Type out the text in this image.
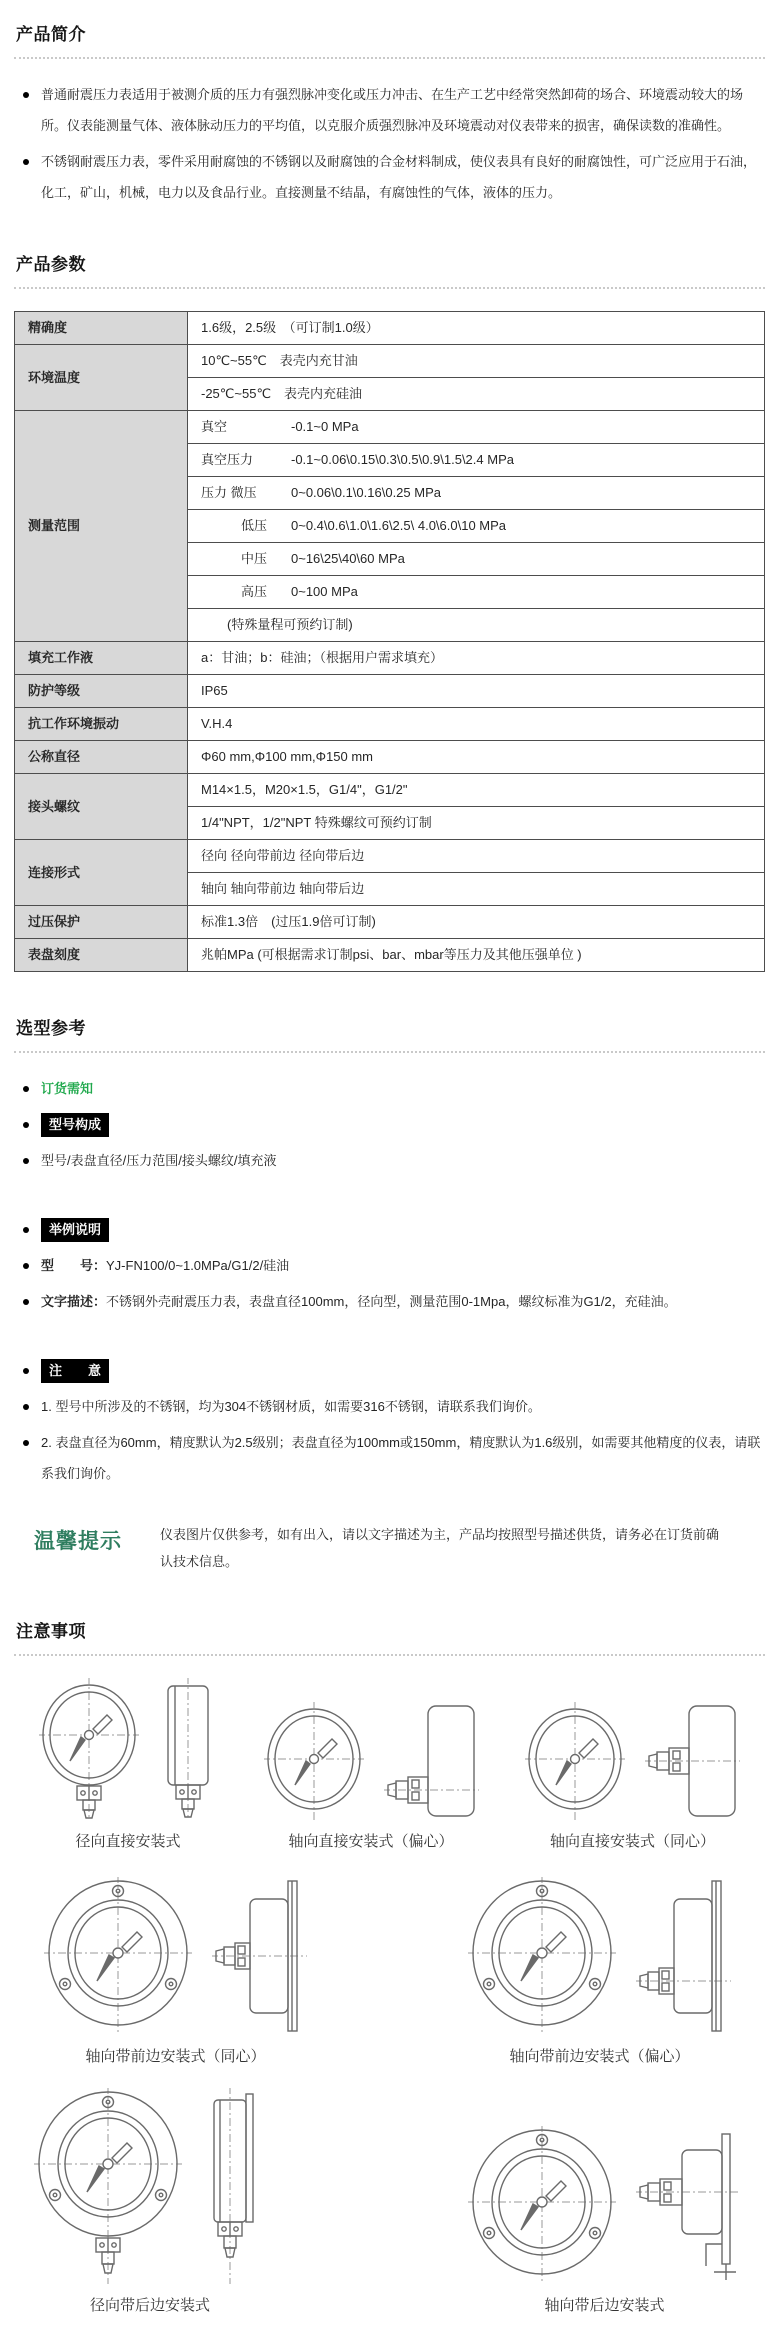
产品简介
普通耐震压力表适用于被测介质的压力有强烈脉冲变化或压力冲击、在生产工艺中经常突然卸荷的场合、环境震动较大的场所。仪表能测量气体、液体脉动压力的平均值，以克服介质强烈脉冲及环境震动对仪表带来的损害，确保读数的准确性。
不锈钢耐震压力表，零件采用耐腐蚀的不锈钢以及耐腐蚀的合金材料制成，使仪表具有良好的耐腐蚀性，可广泛应用于石油，化工，矿山，机械，电力以及食品行业。直接测量不结晶，有腐蚀性的气体，液体的压力。
产品参数
精确度	1.6级，2.5级　（可订制1.0级）
环境温度	10℃~55℃　表壳内充甘油
	-25℃~55℃　表壳内充硅油
测量范围	真空 -0.1~0 MPa
	真空压力 -0.1~0.06\0.15\0.3\0.5\0.9\1.5\2.4 MPa
	压力 微压 0~0.06\0.1\0.16\0.25 MPa
	低压 0~0.4\0.6\1.0\1.6\2.5\ 4.0\6.0\10 MPa
	中压 0~16\25\40\60 MPa
	高压 0~100 MPa
	(特殊量程可预约订制)
填充工作液	a：甘油；b：硅油；（根据用户需求填充）
防护等级	IP65
抗工作环境振动	V.H.4
公称直径	Φ60 mm,Φ100 mm,Φ150 mm
接头螺纹	M14×1.5，M20×1.5，G1/4"，G1/2"
	1/4"NPT，1/2"NPT 特殊螺纹可预约订制
连接形式	径向 径向带前边 径向带后边
	轴向 轴向带前边 轴向带后边
过压保护	标准1.3倍　(过压1.9倍可订制)
表盘刻度	兆帕MPa (可根据需求订制psi、bar、mbar等压力及其他压强单位 )
选型参考
订货需知
型号构成
型号/表盘直径/压力范围/接头螺纹/填充液
举例说明
型　　号：YJ-FN100/0~1.0MPa/G1/2/硅油
文字描述：不锈钢外壳耐震压力表，表盘直径100mm，径向型，测量范围0-1Mpa，螺纹标准为G1/2，充硅油。
注　　意
1. 型号中所涉及的不锈钢，均为304不锈钢材质，如需要316不锈钢，请联系我们询价。
2. 表盘直径为60mm，精度默认为2.5级别；表盘直径为100mm或150mm，精度默认为1.6级别，如需要其他精度的仪表，请联系我们询价。
温馨提示	仪表图片仅供参考，如有出入，请以文字描述为主，产品均按照型号描述供货，请务必在订货前确认技术信息。
注意事项
径向直接安装式	轴向直接安装式（偏心）	轴向直接安装式（同心）
轴向带前边安装式（同心）	轴向带前边安装式（偏心）
径向带后边安装式	轴向带后边安装式
